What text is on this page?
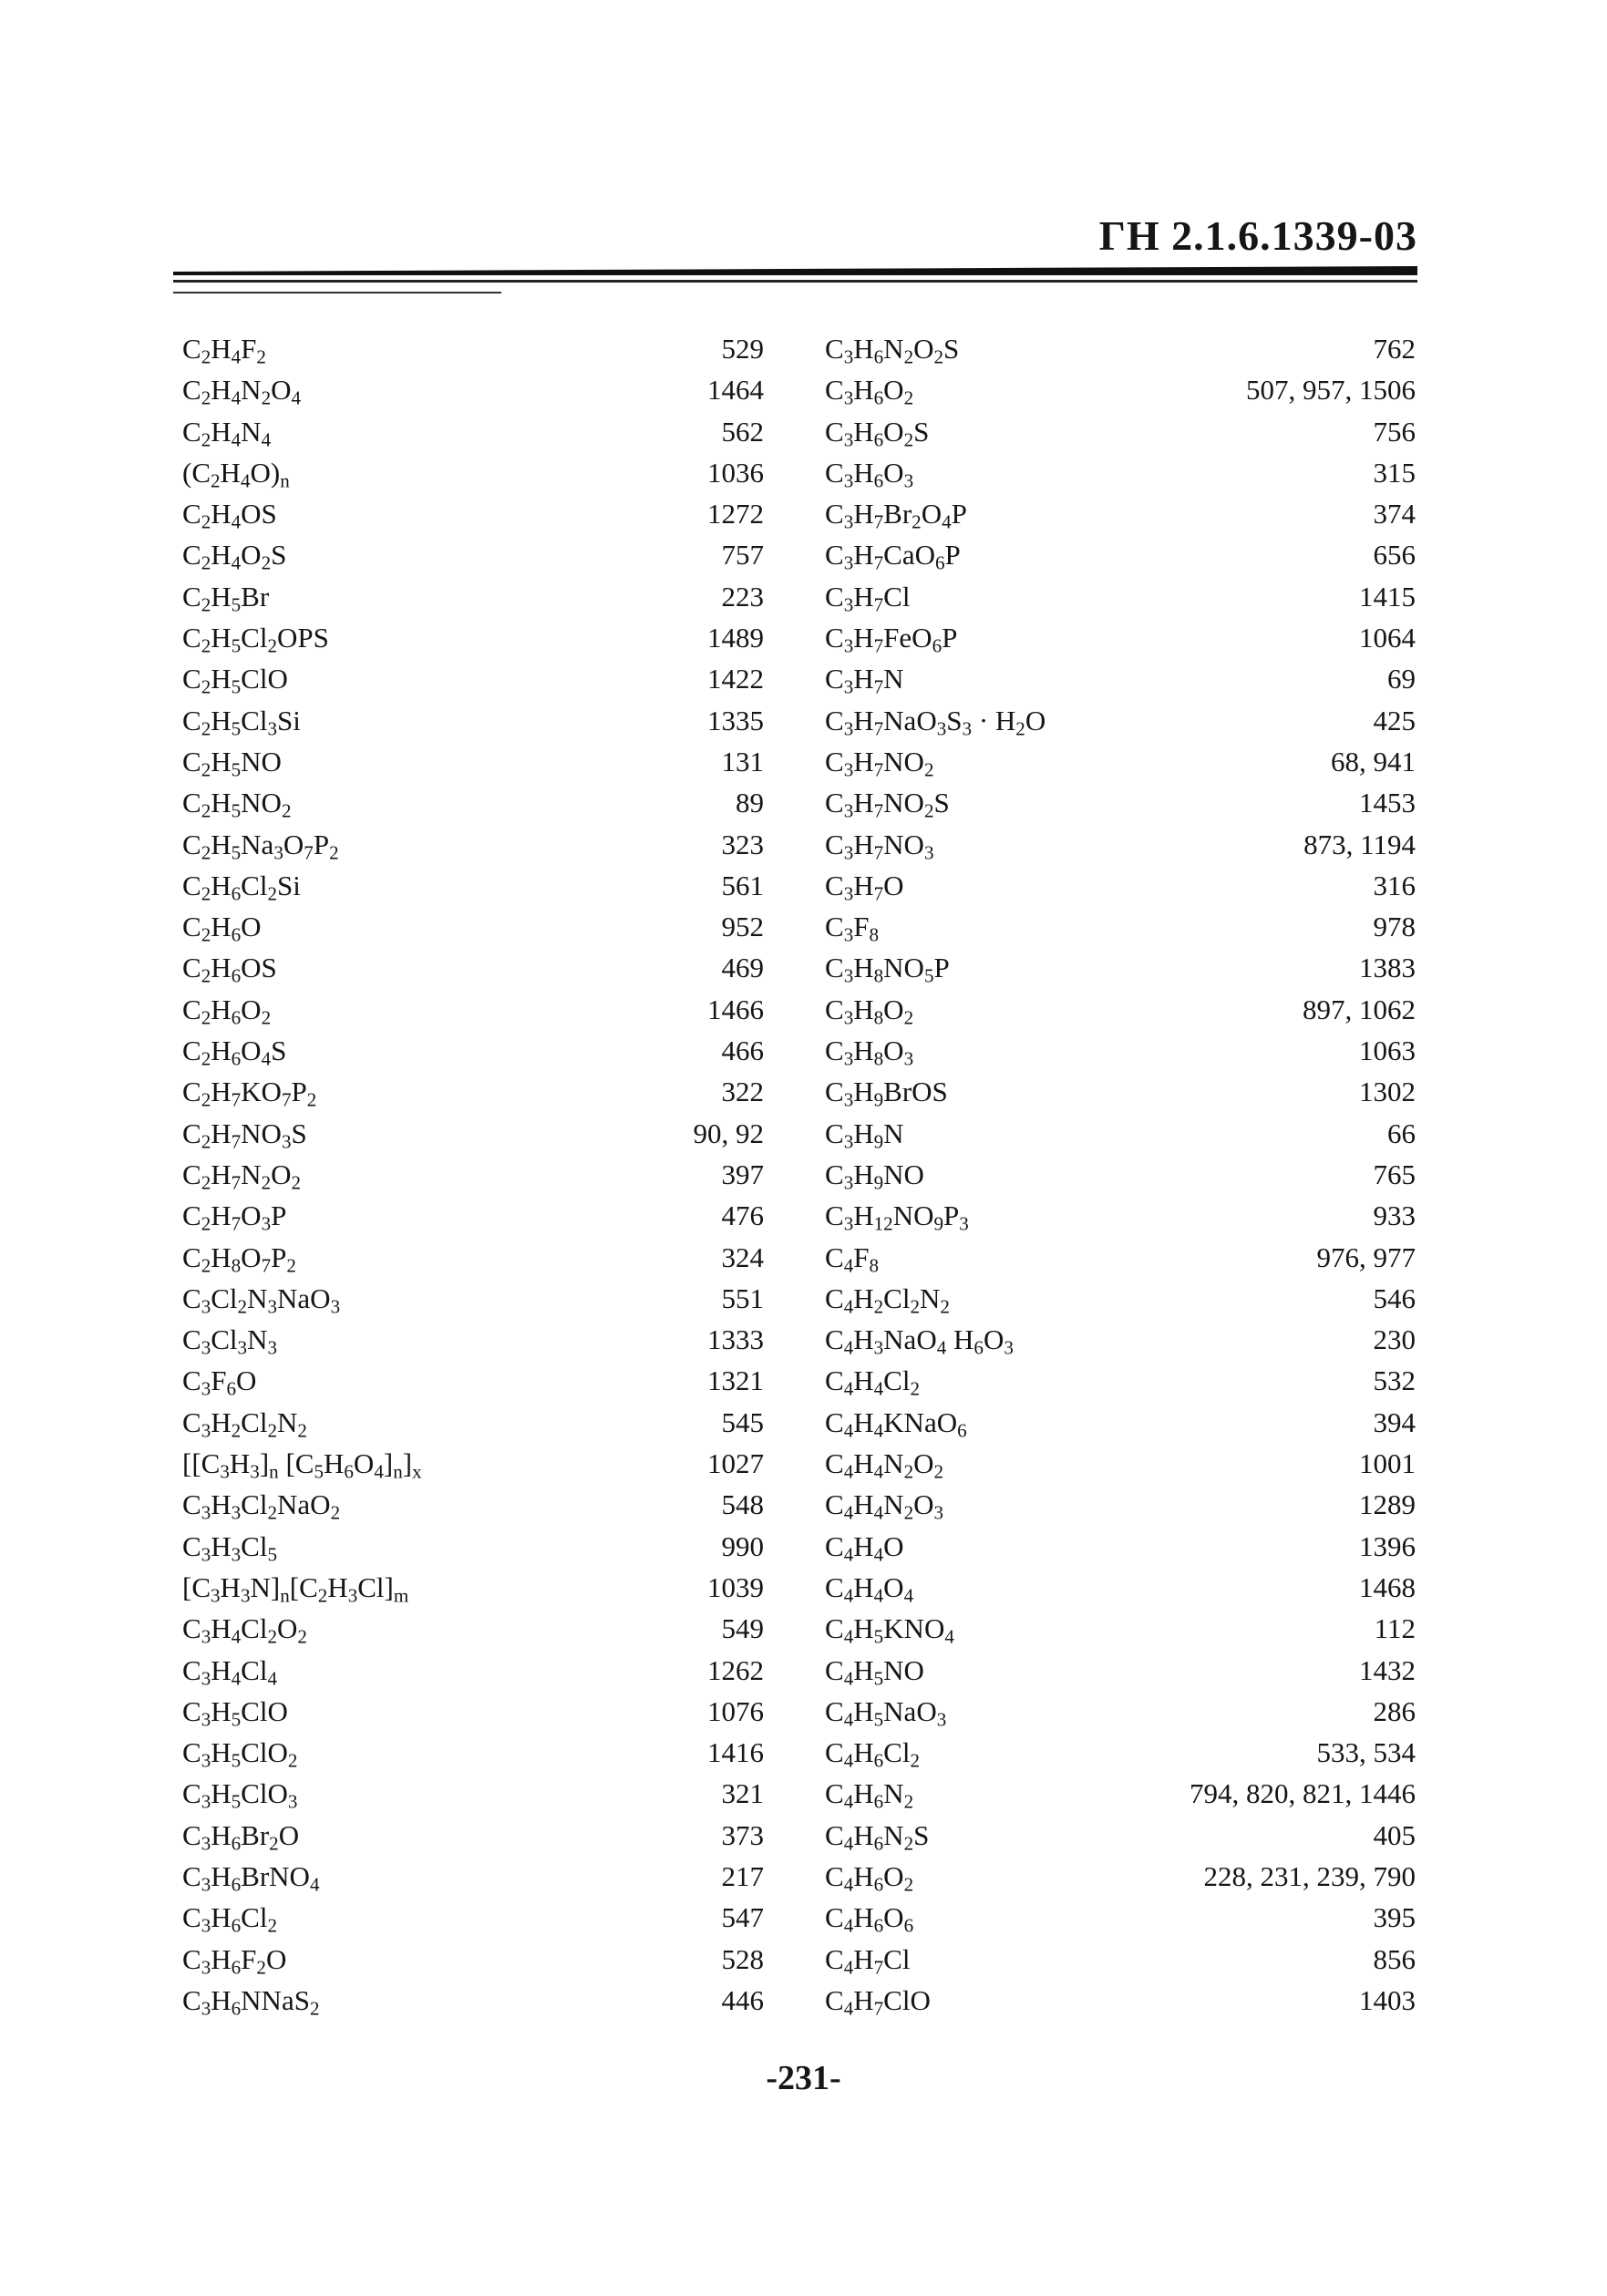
ГН 2.1.6.1339-03
$C_2H_4F_2$	529 $C_3H_6N_2O_2S$	762
$C_2H_4N_2O_4$	1464 $C_3H_6O_2$	507, 957, 1506
$C_2H_4N_4$	562 $C_3H_6O_2S$	756
$(C_2H_4O)_n$	1036 $C_3H_6O_3$	315
$C_2H_4OS$	1272 $C_3H_7Br_2O_4P$	374
$C_2H_4O_2S$	757 $C_3H_7CaO_6P$	656
$C_2H_5Br$	223 $C_3H_7Cl$	1415
$C_2H_5Cl_2OPS$	1489 $C_3H_7FeO_6P$	1064
$C_2H_5ClO$	1422 $C_3H_7N$	69
$C_2H_5Cl_3Si$	1335 $C_3H_7NaO_3S_3 \cdot H_2O$	425
$C_2H_5NO$	131 $C_3H_7NO_2$	68, 941
$C_2H_5NO_2$	89 $C_3H_7NO_2S$	1453
$C_2H_5Na_3O_7P_2$	323 $C_3H_7NO_3$	873, 1194
$C_2H_6Cl_2Si$	561 $C_3H_7O$	316
$C_2H_6O$	952 $C_3F_8$	978
$C_2H_6OS$	469 $C_3H_8NO_5P$	1383
$C_2H_6O_2$	1466 $C_3H_8O_2$	897, 1062
$C_2H_6O_4S$	466 $C_3H_8O_3$	1063
$C_2H_7KO_7P_2$	322 $C_3H_9BrOS$	1302
$C_2H_7NO_3S$	90, 92 $C_3H_9N$	66
$C_2H_7N_2O_2$	397 $C_3H_9NO$	765
$C_2H_7O_3P$	476 $C_3H_{12}NO_9P_3$	933
$C_2H_8O_7P_2$	324 $C_4F_8$	976, 977
$C_3Cl_2N_3NaO_3$	551 $C_4H_2Cl_2N_2$	546
$C_3Cl_3N_3$	1333 $C_4H_3NaO_4$ $H_6O_3$	230
$C_3F_6O$	1321 $C_4H_4Cl_2$	532
$C_3H_2Cl_2N_2$	545 $C_4H_4KNaO_6$	394
[$[C_3H_3]_n$ $[C_5H_6O_4]_n]_x$	1027 $C_4H_4N_2O_2$	1001
$C_3H_3Cl_2NaO_2$	548 $C_4H_4N_2O_3$	1289
$C_3H_3Cl_5$	990 $C_4H_4O$	1396
$[C_3H_3N]_n[C_2H_3Cl]_m$	1039 $C_4H_4O_4$	1468
$C_3H_4Cl_2O_2$	549 $C_4H_5KNO_4$	112
$C_3H_4Cl_4$	1262 $C_4H_5NO$	1432
$C_3H_5ClO$	1076 $C_4H_5NaO_3$	286
$C_3H_5ClO_2$	1416 $C_4H_6Cl_2$	533, 534
$C_3H_5ClO_3$	321 $C_4H_6N_2$	794, 820, 821, 1446
$C_3H_6Br_2O$	373 $C_4H_6N_2S$	405
$C_3H_6BrNO_4$	217 $C_4H_6O_2$	228, 231, 239, 790
$C_3H_6Cl_2$	547 $C_4H_6O_6$	395
$C_3H_6F_2O$	528 $C_4H_7Cl$	856
$C_3H_6NNaS_2$	446 $C_4H_7ClO$	1403
-231-
